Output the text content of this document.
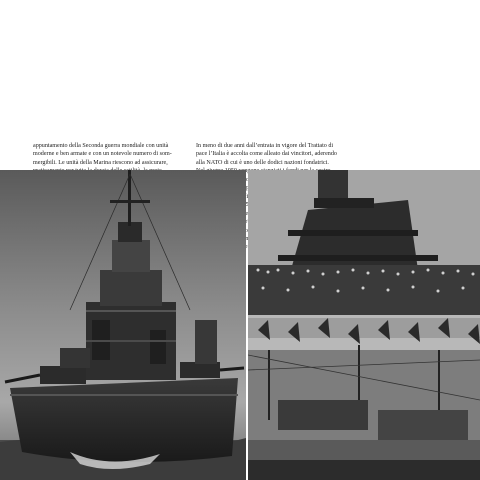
appuntamento della Seconda guerra mondiale con unità

moderne e ben armate e con un notevole numero di som-

mergibili. Le unità della Marina riescono ad assicurare,

In meno di due anni dall’entrata in vigore del Trattato di

pace l’Italia è accolta come alleato dai vincitori, aderendo

alla NATO di cui è uno delle dodici nazioni fondatrici.
